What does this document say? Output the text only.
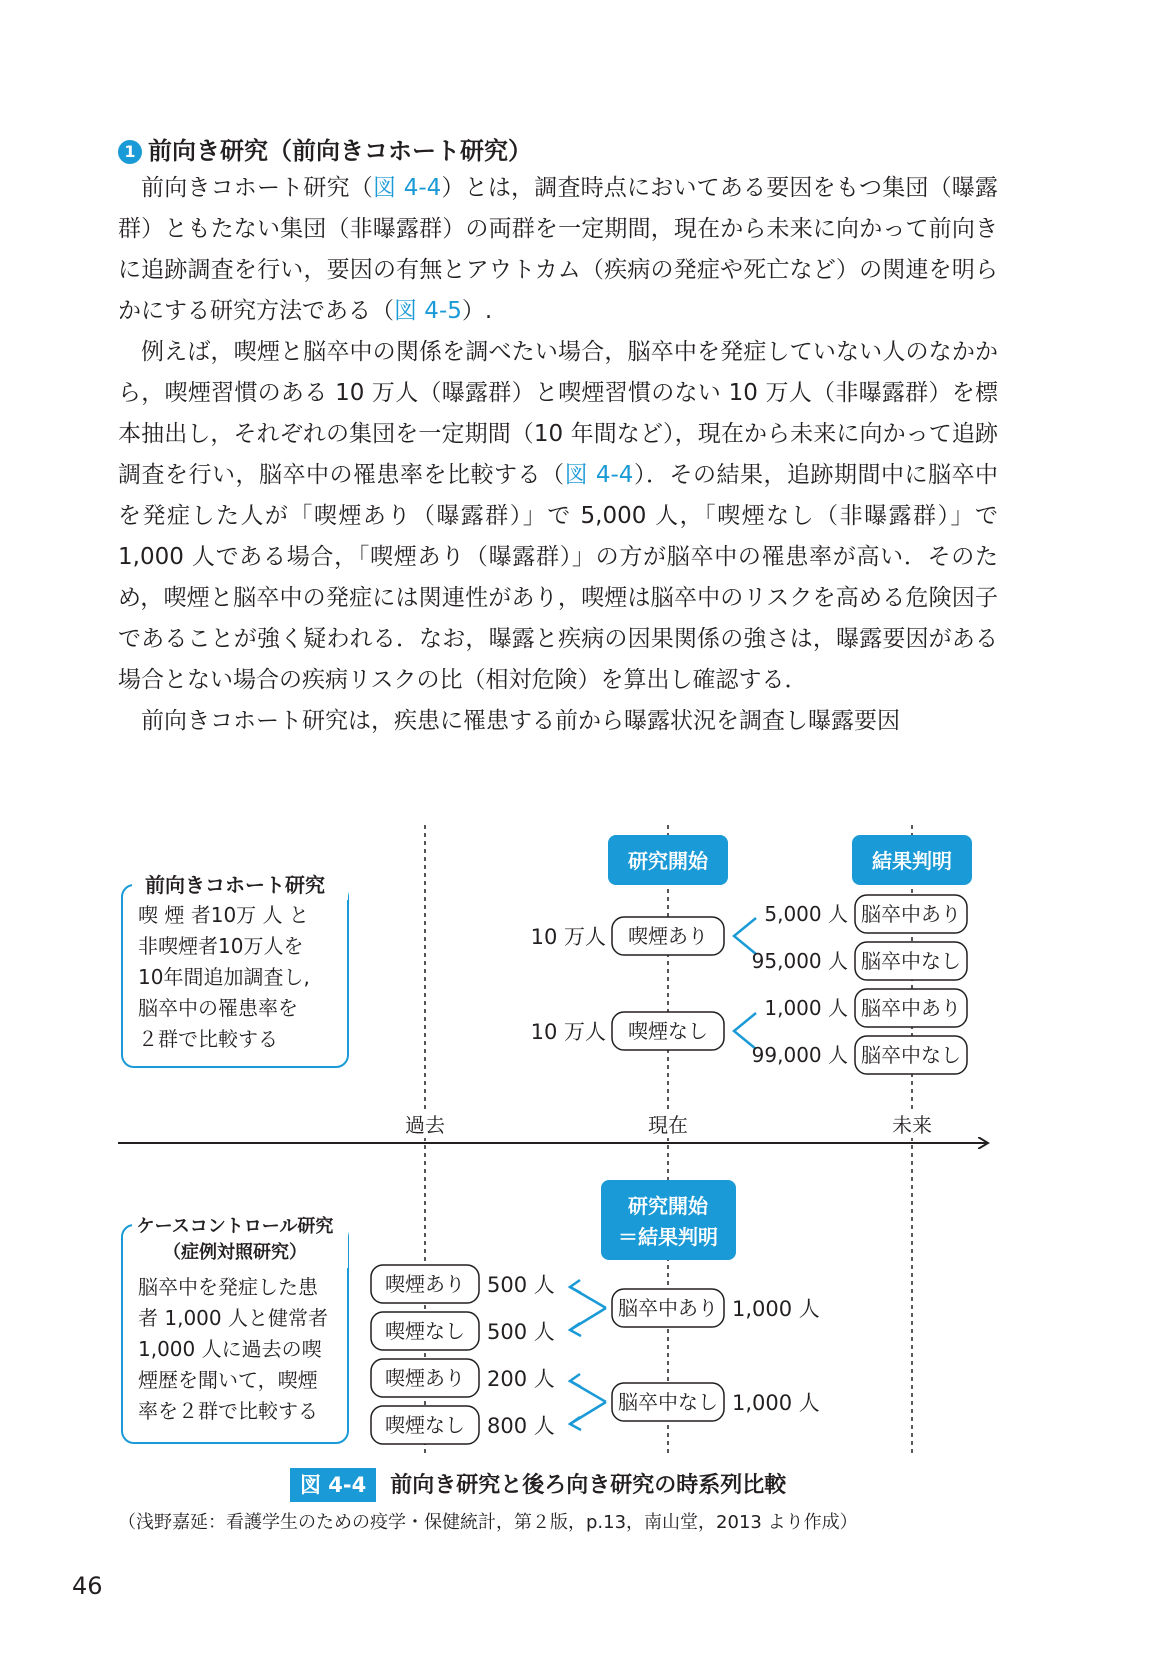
1 前向き研究（前向きコホート研究）

前向きコホート研究（図 4-4）とは，調査時点においてある要因をもつ集団（曝露群）ともたない集団（非曝露群）の両群を一定期間，現在から未来に向かって前向きに追跡調査を行い，要因の有無とアウトカム（疾病の発症や死亡など）の関連を明らかにする研究方法である（図 4-5）.

例えば，喫煙と脳卒中の関係を調べたい場合，脳卒中を発症していない人のなかから，喫煙習慣のある 10 万人（曝露群）と喫煙習慣のない 10 万人（非曝露群）を標本抽出し，それぞれの集団を一定期間（10 年間など），現在から未来に向かって追跡調査を行い，脳卒中の罹患率を比較する（図 4-4）．その結果，追跡期間中に脳卒中を発症した人が「喫煙あり（曝露群）」で 5,000 人，「喫煙なし（非曝露群）」で 1,000 人である場合，「喫煙あり（曝露群）」の方が脳卒中の罹患率が高い．そのため，喫煙と脳卒中の発症には関連性があり，喫煙は脳卒中のリスクを高める危険因子であることが強く疑われる．なお，曝露と疾病の因果関係の強さは，曝露要因がある場合とない場合の疾病リスクの比（相対危険）を算出し確認する．

前向きコホート研究は，疾患に罹患する前から曝露状況を調査し曝露要因

前向きコホート研究
喫 煙 者10万 人 と
非喫煙者10万人を
10年間追加調査し,
脳卒中の罹患率を
２群で比較する
研究開始	結果判明
10 万人 喫煙あり
5,000 人 脳卒中あり
95,000 人 脳卒中なし
10 万人 喫煙なし
1,000 人 脳卒中あり
99,000 人 脳卒中なし
過去	現在	未来
ケースコントロール研究
（症例対照研究）
脳卒中を発症した患
者 1,000 人と健常者
1,000 人に過去の喫
煙歴を聞いて，喫煙
率を２群で比較する
研究開始
＝結果判明
脳卒中あり 1,000 人
喫煙あり 500 人
喫煙なし 500 人
脳卒中なし 1,000 人
喫煙あり 200 人
喫煙なし 800 人
図 4-4 前向き研究と後ろ向き研究の時系列比較
（浅野嘉延：看護学生のための疫学・保健統計，第２版，p.13，南山堂，2013 より作成）
46
